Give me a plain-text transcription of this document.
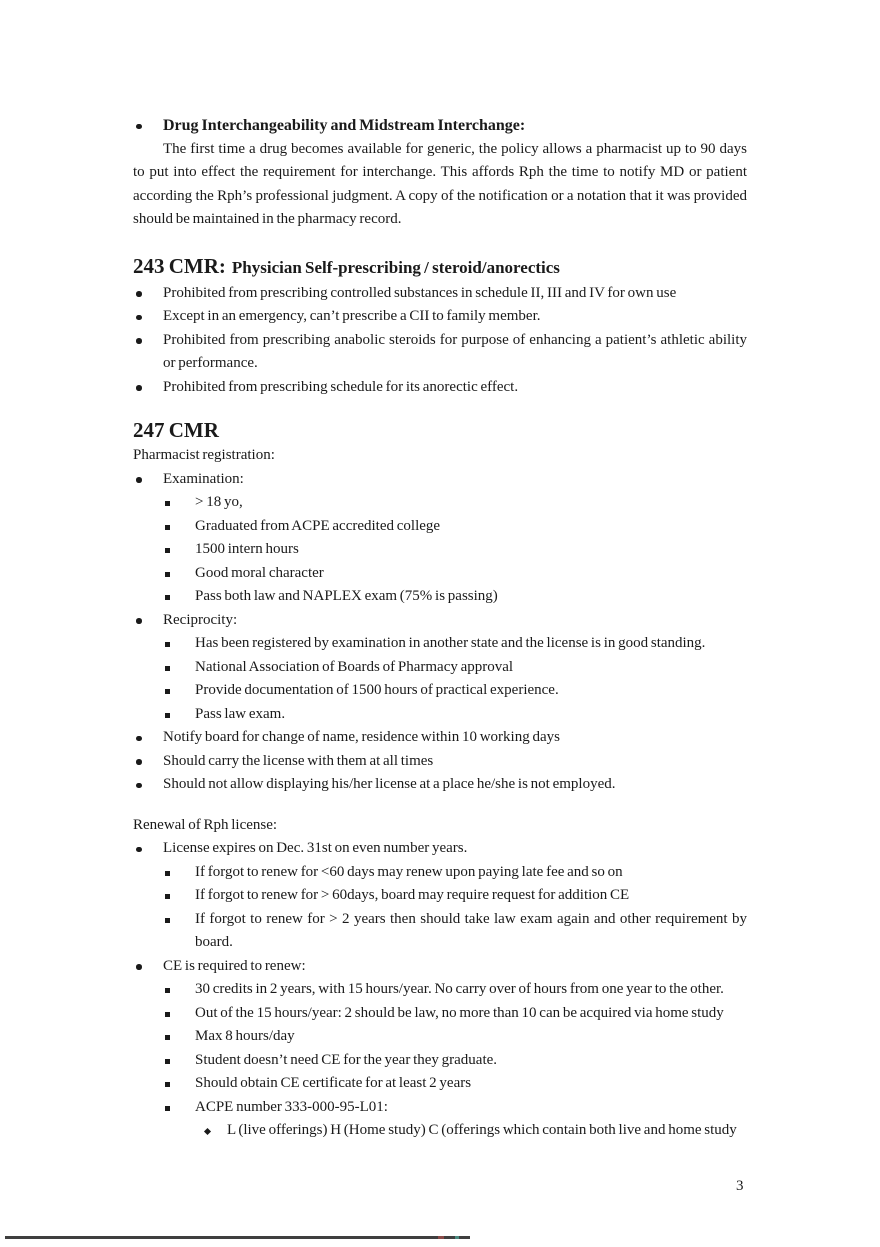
Drug Interchangeability and Midstream Interchange:
The first time a drug becomes available for generic, the policy allows a pharmacist up to 90 days
to put into effect the requirement for interchange. This affords Rph the time to notify MD or patient
according the Rph’s professional judgment. A copy of the notification or a notation that it was provided
should be maintained in the pharmacy record.
243 CMR: Physician Self-prescribing / steroid/anorectics
Prohibited from prescribing controlled substances in schedule II, III and IV for own use
Except in an emergency, can’t prescribe a CII to family member.
Prohibited from prescribing anabolic steroids for purpose of enhancing a patient’s athletic ability
or performance.
Prohibited from prescribing schedule for its anorectic effect.
247 CMR
Pharmacist registration:
Examination:
> 18 yo,
Graduated from ACPE accredited college
1500 intern hours
Good moral character
Pass both law and NAPLEX exam (75% is passing)
Reciprocity:
Has been registered by examination in another state and the license is in good standing.
National Association of Boards of Pharmacy approval
Provide documentation of 1500 hours of practical experience.
Pass law exam.
Notify board for change of name, residence within 10 working days
Should carry the license with them at all times
Should not allow displaying his/her license at a place he/she is not employed.
Renewal of Rph license:
License expires on Dec. 31st on even number years.
If forgot to renew for <60 days may renew upon paying late fee and so on
If forgot to renew for > 60days, board may require request for addition CE
If forgot to renew for > 2 years then should take law exam again and other requirement by
board.
CE is required to renew:
30 credits in 2 years, with 15 hours/year. No carry over of hours from one year to the other.
Out of the 15 hours/year: 2 should be law, no more than 10 can be acquired via home study
Max 8 hours/day
Student doesn’t need CE for the year they graduate.
Should obtain CE certificate for at least 2 years
ACPE number 333-000-95-L01:
L (live offerings) H (Home study) C (offerings which contain both live and home study
3
